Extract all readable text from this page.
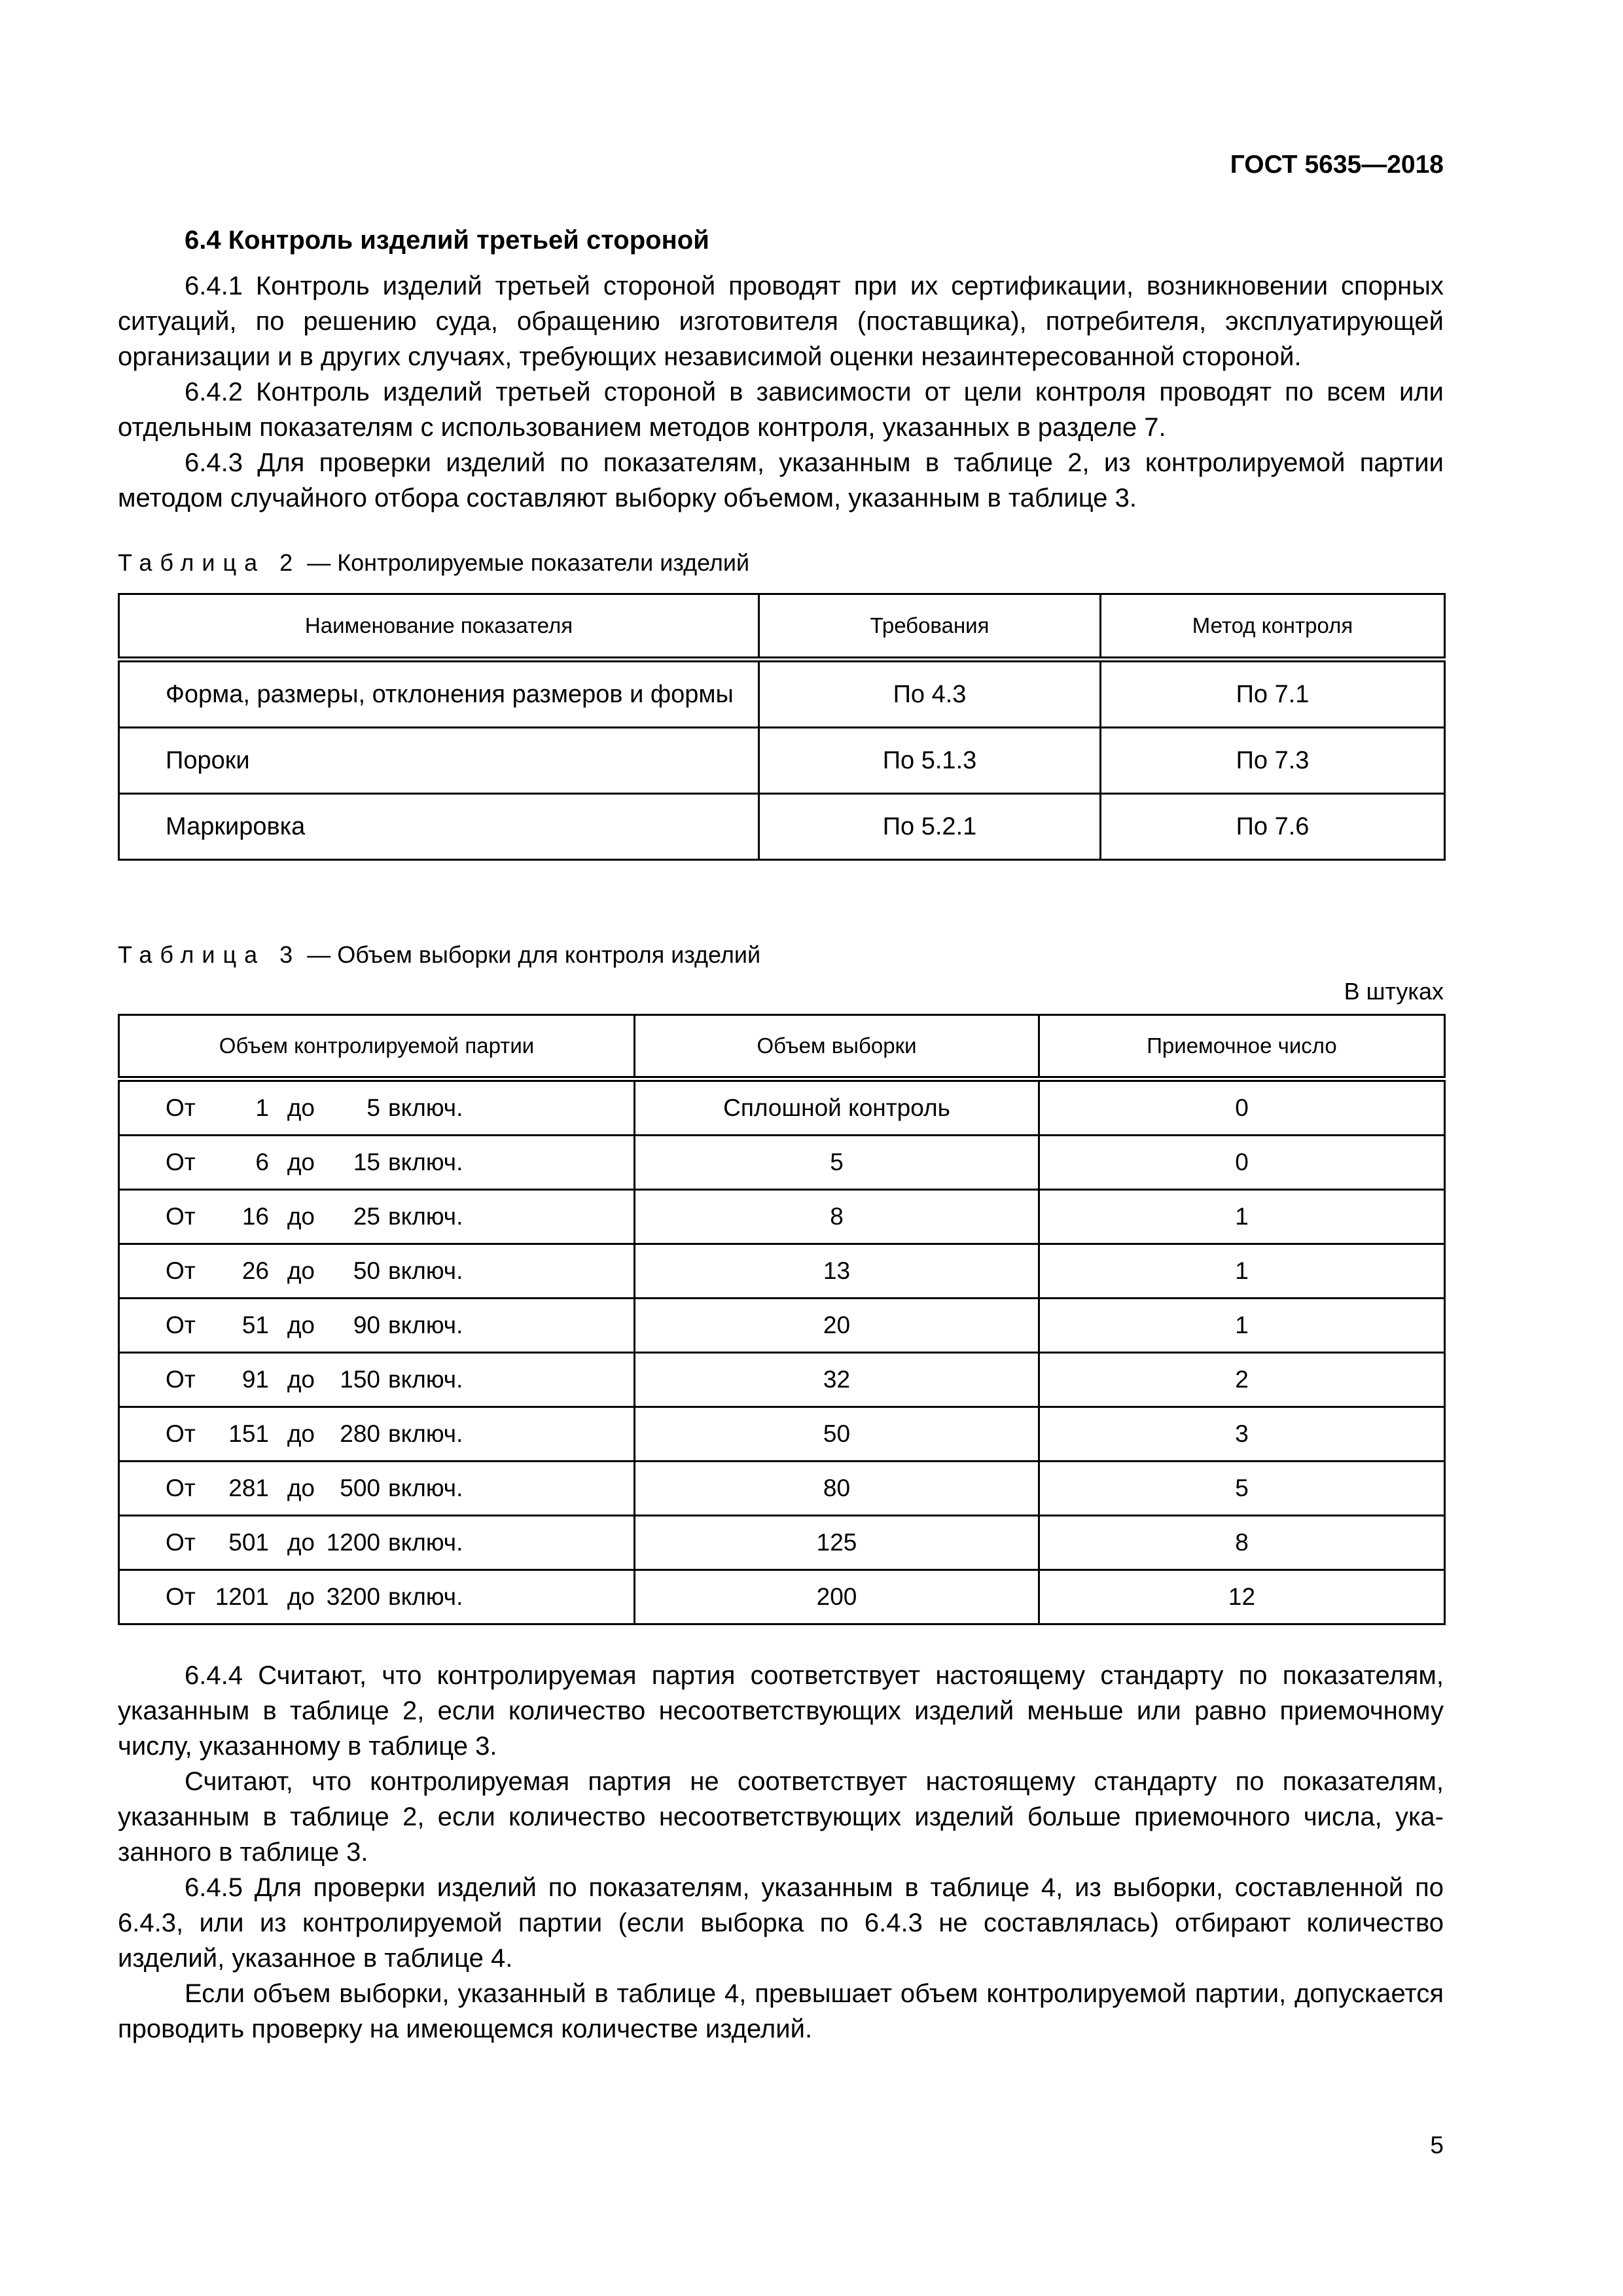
ГОСТ 5635—2018

6.4 Контроль изделий третьей стороной

6.4.1 Контроль изделий третьей стороной проводят при их сертификации, возникновении спорных ситуаций, по решению суда, обращению изготовителя (поставщика), потребителя, эксплуатирующей организации и в других случаях, требующих независимой оценки незаинтересованной стороной.

6.4.2 Контроль изделий третьей стороной в зависимости от цели контроля проводят по всем или отдельным показателям с использованием методов контроля, указанных в разделе 7.

6.4.3 Для проверки изделий по показателям, указанным в таблице 2, из контролируемой партии методом случайного отбора составляют выборку объемом, указанным в таблице 3.

Таблица 2 — Контролируемые показатели изделий

Наименование показателя	Требования	Метод контроля
Форма, размеры, отклонения размеров и формы	По 4.3	По 7.1
Пороки	По 5.1.3	По 7.3
Маркировка	По 5.2.1	По 7.6

Таблица 3 — Объем выборки для контроля изделий

В штуках

Объем контролируемой партии	Объем выборки	Приемочное число
От 1 до 5 включ.	Сплошной контроль	0
От 6 до 15 включ.	5	0
От 16 до 25 включ.	8	1
От 26 до 50 включ.	13	1
От 51 до 90 включ.	20	1
От 91 до 150 включ.	32	2
От 151 до 280 включ.	50	3
От 281 до 500 включ.	80	5
От 501 до 1200 включ.	125	8
От 1201 до 3200 включ.	200	12

6.4.4 Считают, что контролируемая партия соответствует настоящему стандарту по показателям, указанным в таблице 2, если количество несоответствующих изделий меньше или равно приемочному числу, указанному в таблице 3.

Считают, что контролируемая партия не соответствует настоящему стандарту по показателям, указанным в таблице 2, если количество несоответствующих изделий больше приемочного числа, указанного в таблице 3.

6.4.5 Для проверки изделий по показателям, указанным в таблице 4, из выборки, составленной по 6.4.3, или из контролируемой партии (если выборка по 6.4.3 не составлялась) отбирают количество изделий, указанное в таблице 4.

Если объем выборки, указанный в таблице 4, превышает объем контролируемой партии, допускается проводить проверку на имеющемся количестве изделий.

5
